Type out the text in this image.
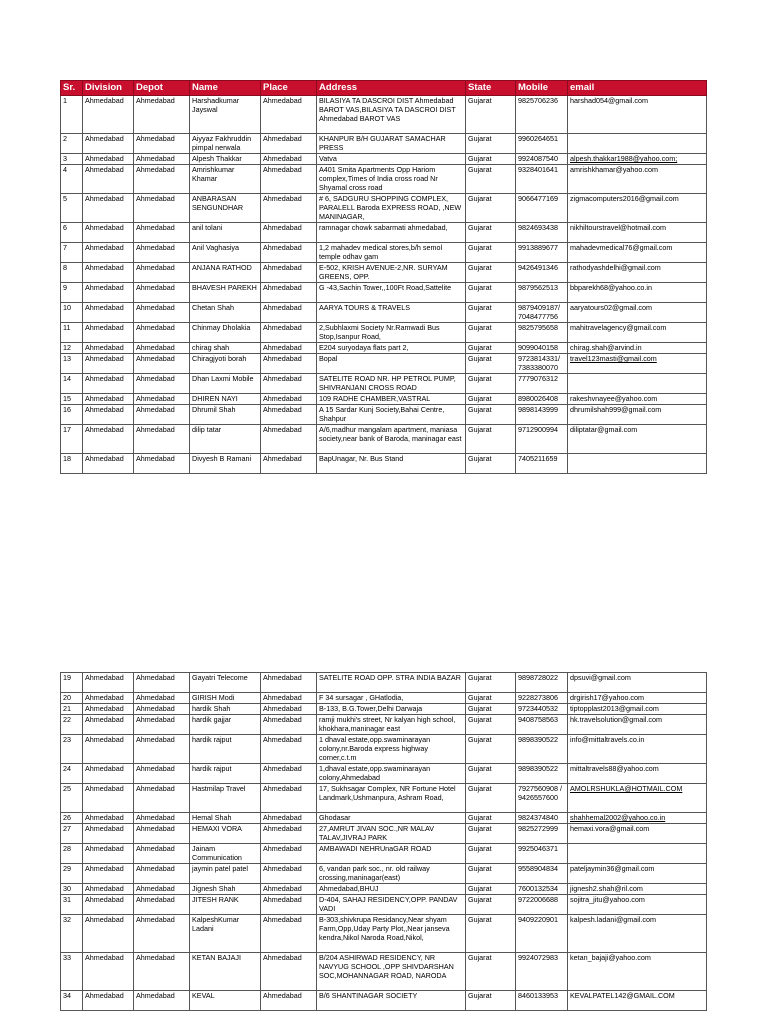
Sr.	Division	Depot	Name	Place	Address	State	Mobile	email
1	Ahmedabad	Ahmedabad	Harshadkumar Jayswal	Ahmedabad	BILASIYA TA DASCROI DIST Ahmedabad BAROT VAS,BILASIYA TA DASCROI DIST Ahmedabad BAROT VAS	Gujarat	9825706236	harshad054@gmail.com
2	Ahmedabad	Ahmedabad	Aiyyaz Fakhruddin pimpal nerwala	Ahmedabad	KHANPUR B/H GUJARAT SAMACHAR PRESS	Gujarat	9960264651	
3	Ahmedabad	Ahmedabad	Alpesh Thakkar	Ahmedabad	Vatva	Gujarat	9924087540	alpesh.thakkar1988@yahoo.com;
4	Ahmedabad	Ahmedabad	Amrishkumar Khamar	Ahmedabad	A401 Smita Apartments Opp Hariom complex,Times of India cross road Nr Shyamal cross road	Gujarat	9328401641	amrishkhamar@yahoo.com
5	Ahmedabad	Ahmedabad	ANBARASAN SENGUNDHAR	Ahmedabad	# 6, SADGURU SHOPPING COMPLEX, PARALELL Baroda EXPRESS ROAD, ,NEW MANINAGAR,	Gujarat	9066477169	zigmacomputers2016@gmail.com
6	Ahmedabad	Ahmedabad	anil tolani	Ahmedabad	ramnagar chowk sabarmati ahmedabad,	Gujarat	9824693438	nikhiltourstravel@hotmail.com
7	Ahmedabad	Ahmedabad	Anil Vaghasiya	Ahmedabad	1,2 mahadev medical stores,b/h semol temple odhav gam	Gujarat	9913889677	mahadevmedical76@gmail.com
8	Ahmedabad	Ahmedabad	ANJANA RATHOD	Ahmedabad	E-502, KRISH AVENUE-2,NR. SURYAM GREENS, OPP.	Gujarat	9426491346	rathodyashdelhi@gmail.com
9	Ahmedabad	Ahmedabad	BHAVESH PAREKH	Ahmedabad	G -43,Sachin Tower,,100Ft Road,Sattelite	Gujarat	9879562513	bbparekh68@yahoo.co.in
10	Ahmedabad	Ahmedabad	Chetan Shah	Ahmedabad	AARYA TOURS & TRAVELS	Gujarat	9879409187/ 7048477756	aaryatours02@gmail.com
11	Ahmedabad	Ahmedabad	Chinmay Dholakia	Ahmedabad	2,Subhlaxmi Society Nr.Ramwadi Bus Stop,Isanpur Road,	Gujarat	9825795658	mahitravelagency@gmail.com
12	Ahmedabad	Ahmedabad	chirag shah	Ahmedabad	E204 suryodaya flats part 2,	Gujarat	9099040158	chirag.shah@arvind.in
13	Ahmedabad	Ahmedabad	Chiragjyoti borah	Ahmedabad	Bopal	Gujarat	9723814331/ 7383380070	travel123masti@gmail.com
14	Ahmedabad	Ahmedabad	Dhan Laxmi Mobile	Ahmedabad	SATELITE ROAD NR. HP PETROL PUMP, SHIVRANJANI CROSS ROAD	Gujarat	7779076312	
15	Ahmedabad	Ahmedabad	DHIREN NAYI	Ahmedabad	109 RADHE CHAMBER,VASTRAL	Gujarat	8980026408	rakeshvnayee@yahoo.com
16	Ahmedabad	Ahmedabad	Dhrumil Shah	Ahmedabad	A 15 Sardar Kunj Society,Bahai Centre, Shahpur	Gujarat	9898143999	dhrumilshah999@gmail.com
17	Ahmedabad	Ahmedabad	dilip tatar	Ahmedabad	A/6,madhur mangalam apartment, maniasa society,near bank of Baroda, maninagar east	Gujarat	9712900994	diliptatar@gmail.com
18	Ahmedabad	Ahmedabad	Divyesh B Ramani	Ahmedabad	BapUnagar, Nr. Bus Stand	Gujarat	7405211659	
19	Ahmedabad	Ahmedabad	Gayatri Telecome	Ahmedabad	SATELITE ROAD OPP. STRA INDIA BAZAR	Gujarat	9898728022	dpsuvi@gmail.com
20	Ahmedabad	Ahmedabad	GIRISH Modi	Ahmedabad	F 34 sursagar , GHatlodia,	Gujarat	9228273806	drgirish17@yahoo.com
21	Ahmedabad	Ahmedabad	hardik Shah	Ahmedabad	B-133, B.G.Tower,Delhi Darwaja	Gujarat	9723440532	tiptopplast2013@gmail.com
22	Ahmedabad	Ahmedabad	hardik gajjar	Ahmedabad	ramji mukhi's street, Nr kalyan high school, khokhara,maninagar east	Gujarat	9408758563	hk.travelsolution@gmail.com
23	Ahmedabad	Ahmedabad	hardik rajput	Ahmedabad	1 dhaval estate,opp.swaminarayan colony,nr.Baroda express highway corner,c.t.m	Gujarat	9898390522	info@mittaltravels.co.in
24	Ahmedabad	Ahmedabad	hardik rajput	Ahmedabad	1,dhaval estate,opp.swaminarayan colony,Ahmedabad	Gujarat	9898390522	mittaltravels88@yahoo.com
25	Ahmedabad	Ahmedabad	Hastmilap Travel	Ahmedabad	17, Sukhsagar Complex, NR Fortune Hotel Landmark,Ushmanpura, Ashram Road,	Gujarat	7927560908 / 9426557600	AMOLRSHUKLA@HOTMAIL.COM
26	Ahmedabad	Ahmedabad	Hemal Shah	Ahmedabad	Ghodasar	Gujarat	9824374840	shahhemal2002@yahoo.co.in
27	Ahmedabad	Ahmedabad	HEMAXI VORA	Ahmedabad	27,AMRUT JIVAN SOC.,NR MALAV TALAV,JIVRAJ PARK	Gujarat	9825272999	hemaxi.vora@gmail.com
28	Ahmedabad	Ahmedabad	Jainam Communication	Ahmedabad	AMBAWADI NEHRUnaGAR ROAD	Gujarat	9925046371	
29	Ahmedabad	Ahmedabad	jaymin patel patel	Ahmedabad	6, vandan park soc., nr. old railway crossing,maninagar(east)	Gujarat	9558904834	pateljaymin36@gmail.com
30	Ahmedabad	Ahmedabad	Jignesh Shah	Ahmedabad	Ahmedabad,BHUJ	Gujarat	7600132534	jignesh2.shah@ril.com
31	Ahmedabad	Ahmedabad	JITESH RANK	Ahmedabad	D-404, SAHAJ RESIDENCY,OPP. PANDAV VADI	Gujarat	9722006688	sojitra_jitu@yahoo.com
32	Ahmedabad	Ahmedabad	KalpeshKumar Ladani	Ahmedabad	B-303,shivkrupa Residancy,Near shyam Farm,Opp,Uday Party Plot,,Near janseva kendra,Nikol Naroda Road,Nikol,	Gujarat	9409220901	kalpesh.ladani@gmail.com
33	Ahmedabad	Ahmedabad	KETAN BAJAJI	Ahmedabad	B/204 ASHIRWAD RESIDENCY, NR NAVYUG SCHOOL ,OPP SHIVDARSHAN SOC,MOHANNAGAR ROAD, NARODA	Gujarat	9924072983	ketan_bajaji@yahoo.com
34	Ahmedabad	Ahmedabad	KEVAL	Ahmedabad	B/6 SHANTINAGAR SOCIETY	Gujarat	8460133953	KEVALPATEL142@GMAIL.COM
